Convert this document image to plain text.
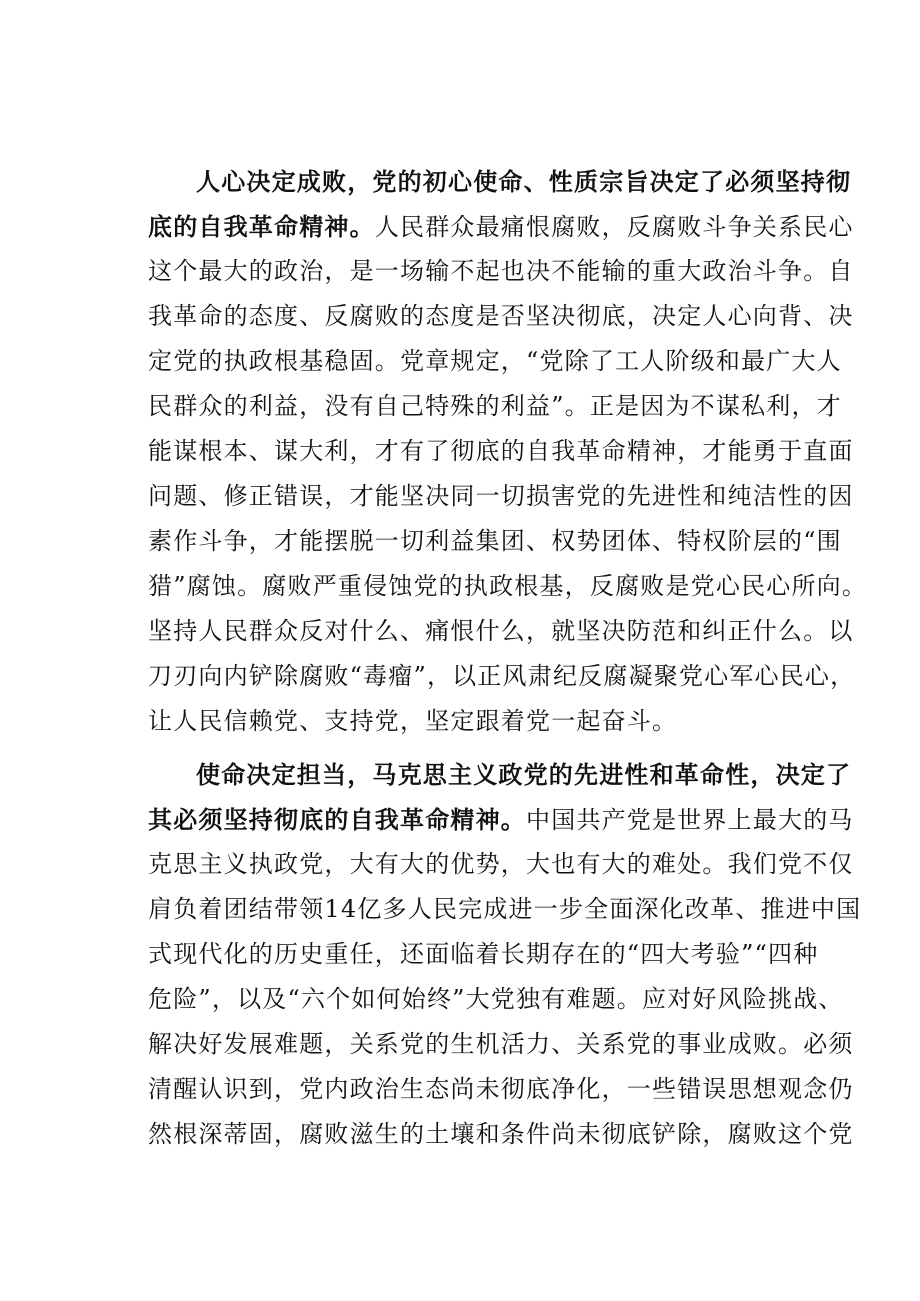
人心决定成败，党的初心使命、性质宗旨决定了必须坚持彻
底的自我革命精神。人民群众最痛恨腐败，反腐败斗争关系民心
这个最大的政治，是一场输不起也决不能输的重大政治斗争。自
我革命的态度、反腐败的态度是否坚决彻底，决定人心向背、决
定党的执政根基稳固。党章规定，“党除了工人阶级和最广大人
民群众的利益，没有自己特殊的利益”。正是因为不谋私利，才
能谋根本、谋大利，才有了彻底的自我革命精神，才能勇于直面
问题、修正错误，才能坚决同一切损害党的先进性和纯洁性的因
素作斗争，才能摆脱一切利益集团、权势团体、特权阶层的“围
猎”腐蚀。腐败严重侵蚀党的执政根基，反腐败是党心民心所向。
坚持人民群众反对什么、痛恨什么，就坚决防范和纠正什么。以
刀刃向内铲除腐败“毒瘤”，以正风肃纪反腐凝聚党心军心民心，
让人民信赖党、支持党，坚定跟着党一起奋斗。
使命决定担当，马克思主义政党的先进性和革命性，决定了
其必须坚持彻底的自我革命精神。中国共产党是世界上最大的马
克思主义执政党，大有大的优势，大也有大的难处。我们党不仅
肩负着团结带领14亿多人民完成进一步全面深化改革、推进中国
式现代化的历史重任，还面临着长期存在的“四大考验”“四种
危险”，以及“六个如何始终”大党独有难题。应对好风险挑战、
解决好发展难题，关系党的生机活力、关系党的事业成败。必须
清醒认识到，党内政治生态尚未彻底净化，一些错误思想观念仍
然根深蒂固，腐败滋生的土壤和条件尚未彻底铲除，腐败这个党
